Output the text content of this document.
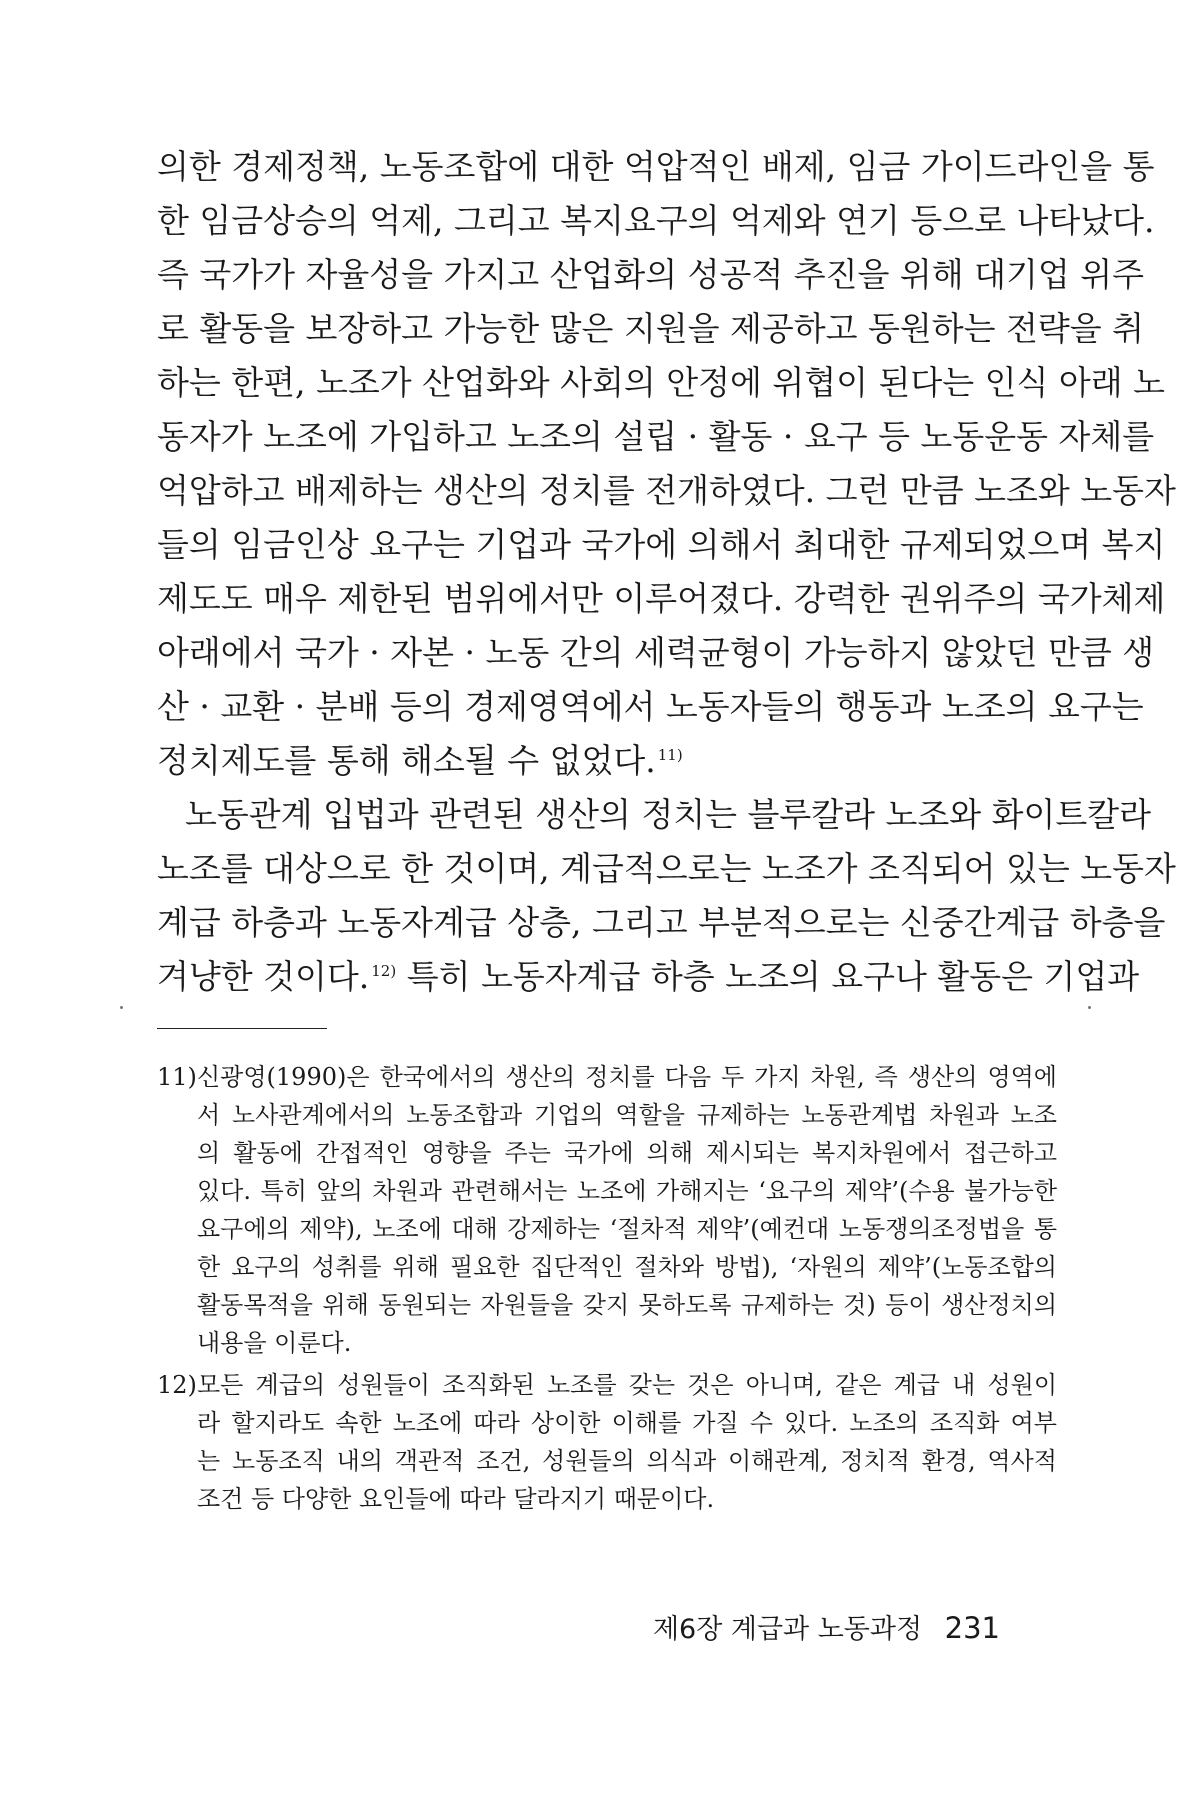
의한 경제정책, 노동조합에 대한 억압적인 배제, 임금 가이드라인을 통
한 임금상승의 억제, 그리고 복지요구의 억제와 연기 등으로 나타났다.
즉 국가가 자율성을 가지고 산업화의 성공적 추진을 위해 대기업 위주
로 활동을 보장하고 가능한 많은 지원을 제공하고 동원하는 전략을 취
하는 한편, 노조가 산업화와 사회의 안정에 위협이 된다는 인식 아래 노
동자가 노조에 가입하고 노조의 설립 · 활동 · 요구 등 노동운동 자체를
억압하고 배제하는 생산의 정치를 전개하였다. 그런 만큼 노조와 노동자
들의 임금인상 요구는 기업과 국가에 의해서 최대한 규제되었으며 복지
제도도 매우 제한된 범위에서만 이루어졌다. 강력한 권위주의 국가체제
아래에서 국가 · 자본 · 노동 간의 세력균형이 가능하지 않았던 만큼 생
산 · 교환 · 분배 등의 경제영역에서 노동자들의 행동과 노조의 요구는
정치제도를 통해 해소될 수 없었다. $^{11)}$
노동관계 입법과 관련된 생산의 정치는 블루칼라 노조와 화이트칼라
노조를 대상으로 한 것이며, 계급적으로는 노조가 조직되어 있는 노동자
계급 하층과 노동자계급 상층, 그리고 부분적으로는 신중간계급 하층을
겨냥한 것이다. $^{12)}$ 특히 노동자계급 하층 노조의 요구나 활동은 기업과
11) 신광영(1990)은 한국에서의 생산의 정치를 다음 두 가지 차원, 즉 생산의 영역에
서 노사관계에서의 노동조합과 기업의 역할을 규제하는 노동관계법 차원과 노조
의 활동에 간접적인 영향을 주는 국가에 의해 제시되는 복지차원에서 접근하고
있다. 특히 앞의 차원과 관련해서는 노조에 가해지는 ‘요구의 제약’(수용 불가능한
요구에의 제약), 노조에 대해 강제하는 ‘절차적 제약’(예컨대 노동쟁의조정법을 통
한 요구의 성취를 위해 필요한 집단적인 절차와 방법), ‘자원의 제약’(노동조합의
활동목적을 위해 동원되는 자원들을 갖지 못하도록 규제하는 것) 등이 생산정치의
내용을 이룬다.
12) 모든 계급의 성원들이 조직화된 노조를 갖는 것은 아니며, 같은 계급 내 성원이
라 할지라도 속한 노조에 따라 상이한 이해를 가질 수 있다. 노조의 조직화 여부
는 노동조직 내의 객관적 조건, 성원들의 의식과 이해관계, 정치적 환경, 역사적
조건 등 다양한 요인들에 따라 달라지기 때문이다.
제6장 계급과 노동과정 231
